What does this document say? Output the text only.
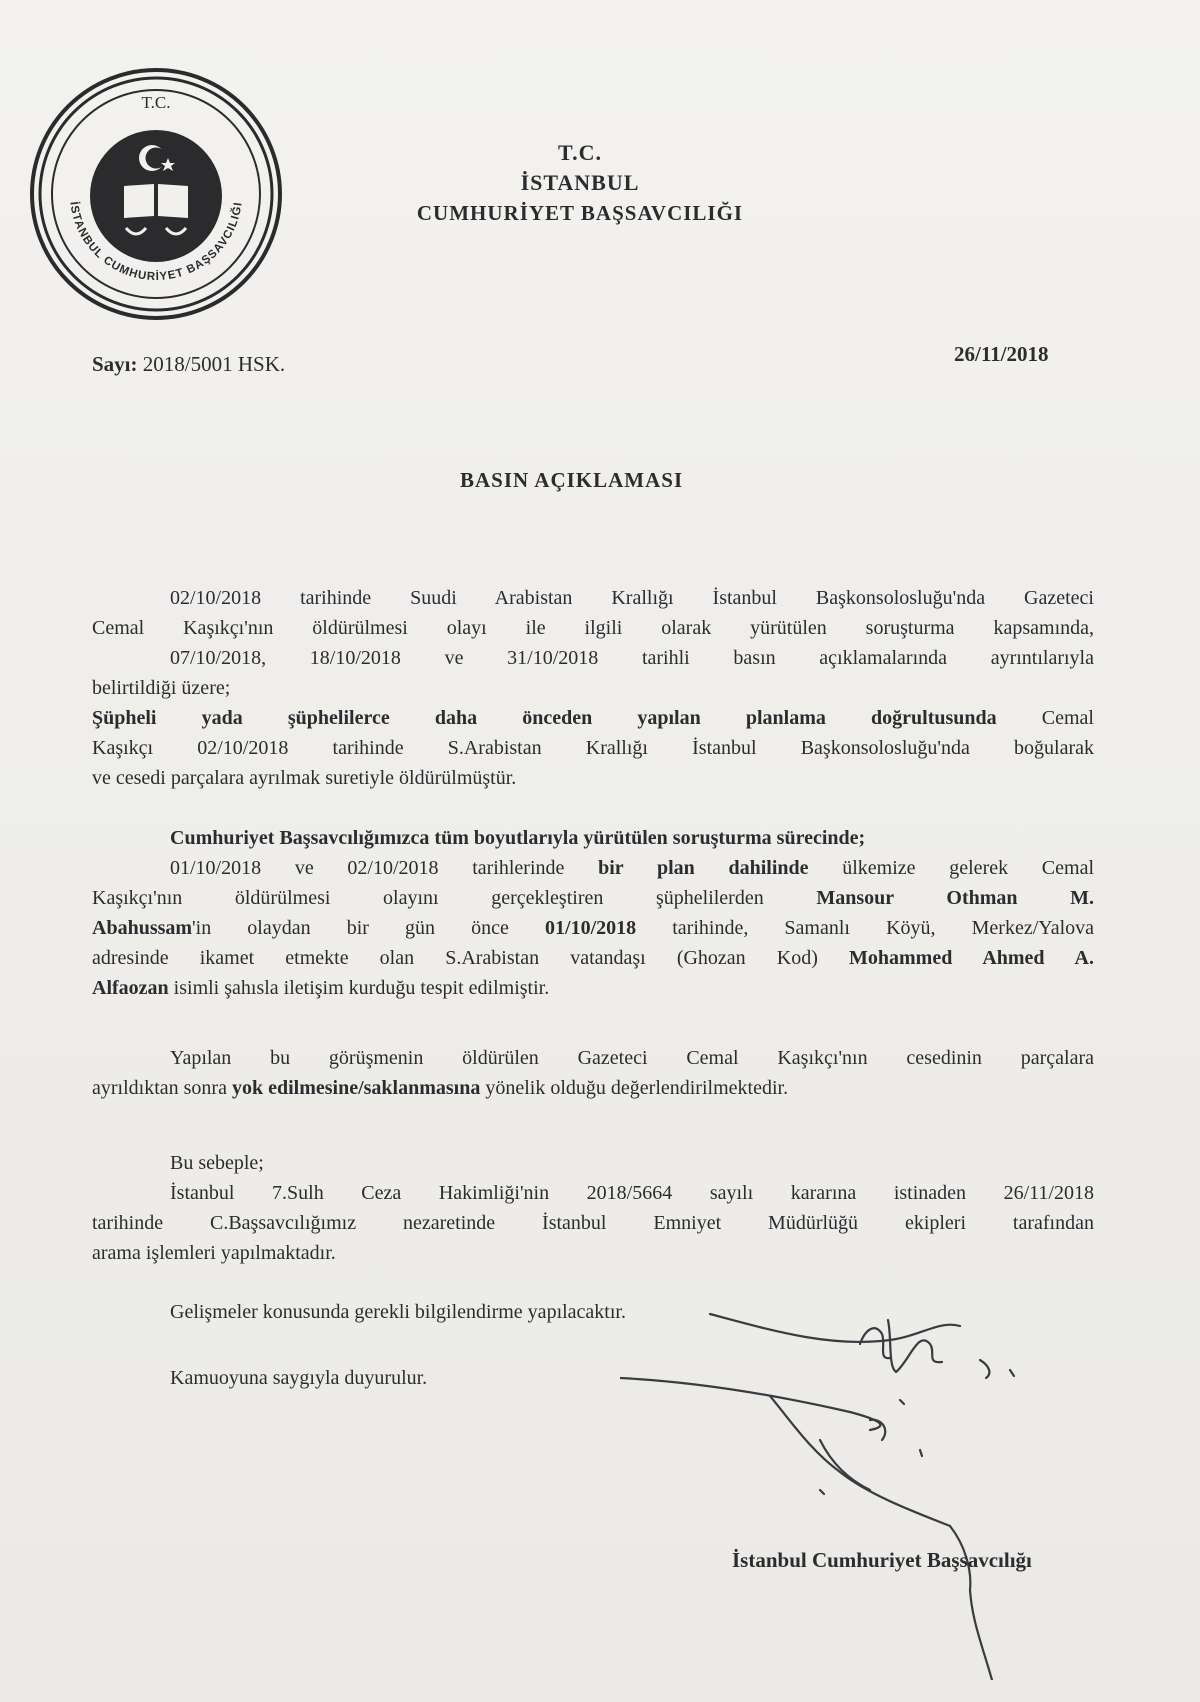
T.C.
İSTANBUL CUMHURİYET BAŞSAVCILIĞI
T.C.
İSTANBUL
CUMHURİYET BAŞSAVCILIĞI
Sayı: 2018/5001 HSK.	26/11/2018
BASIN AÇIKLAMASI
02/10/2018 tarihinde Suudi Arabistan Krallığı İstanbul Başkonsolosluğu'nda Gazeteci
Cemal Kaşıkçı'nın öldürülmesi olayı ile ilgili olarak yürütülen soruşturma kapsamında,
07/10/2018, 18/10/2018 ve 31/10/2018 tarihli basın açıklamalarında ayrıntılarıyla
belirtildiği üzere;
Şüpheli yada şüphelilerce daha önceden yapılan planlama doğrultusunda Cemal
Kaşıkçı 02/10/2018 tarihinde S.Arabistan Krallığı İstanbul Başkonsolosluğu'nda boğularak
ve cesedi parçalara ayrılmak suretiyle öldürülmüştür.
Cumhuriyet Başsavcılığımızca tüm boyutlarıyla yürütülen soruşturma sürecinde;
01/10/2018 ve 02/10/2018 tarihlerinde bir plan dahilinde ülkemize gelerek Cemal
Kaşıkçı'nın öldürülmesi olayını gerçekleştiren şüphelilerden	Mansour Othman M.
Abahussam'in olaydan bir gün önce 01/10/2018 tarihinde, Samanlı Köyü, Merkez/Yalova
adresinde ikamet etmekte olan S.Arabistan vatandaşı (Ghozan Kod) Mohammed Ahmed A.
Alfaozan isimli şahısla iletişim kurduğu tespit edilmiştir.
Yapılan bu görüşmenin öldürülen Gazeteci Cemal Kaşıkçı'nın cesedinin parçalara
ayrıldıktan sonra yok edilmesine/saklanmasına yönelik olduğu değerlendirilmektedir.
Bu sebeple;
İstanbul 7.Sulh Ceza Hakimliği'nin 2018/5664 sayılı kararına istinaden 26/11/2018
tarihinde C.Başsavcılığımız nezaretinde İstanbul Emniyet Müdürlüğü ekipleri tarafından
arama işlemleri yapılmaktadır.
Gelişmeler konusunda gerekli bilgilendirme yapılacaktır.
Kamuoyuna saygıyla duyurulur.
İstanbul Cumhuriyet Başsavcılığı
